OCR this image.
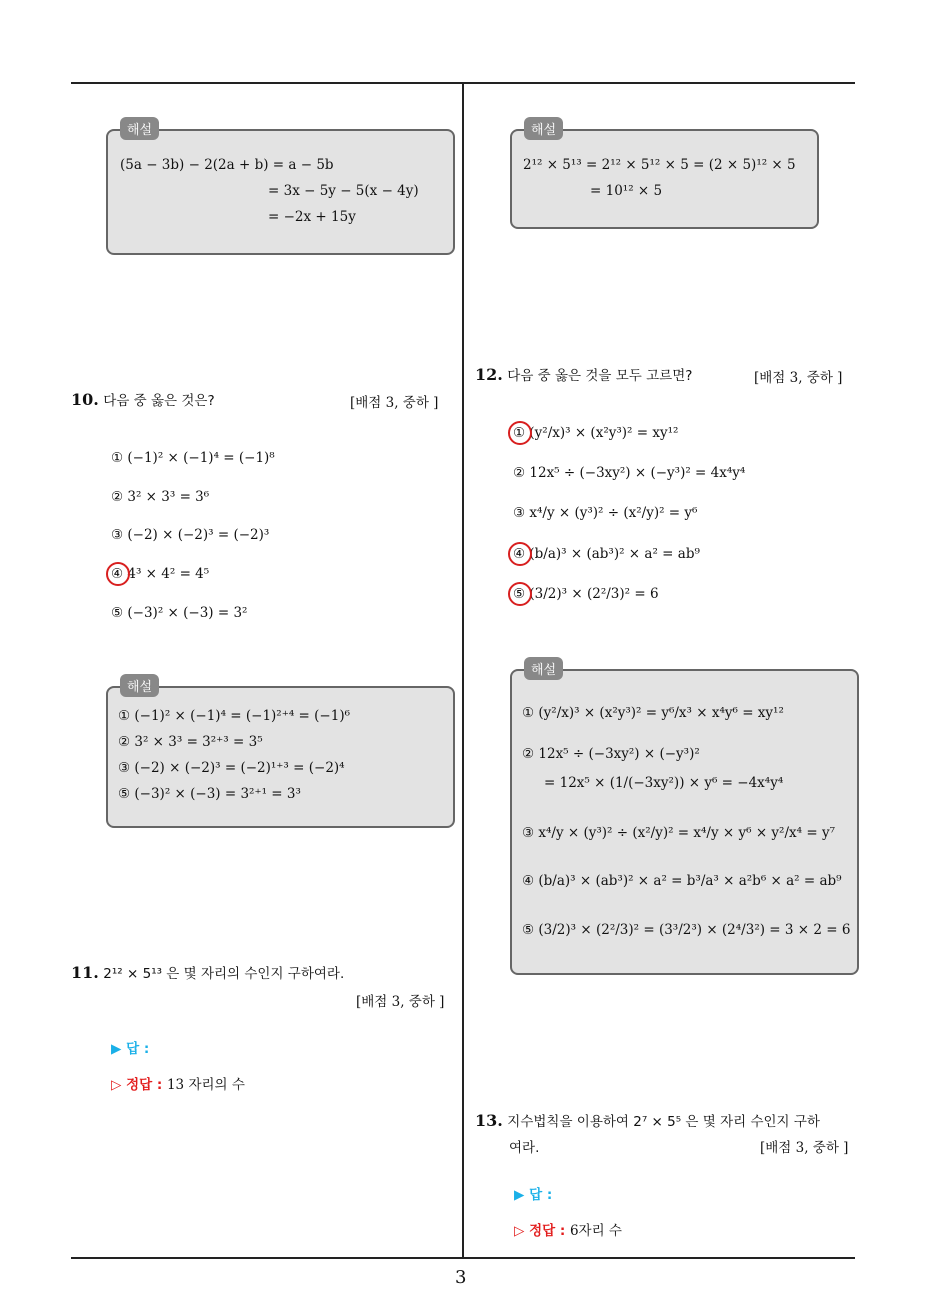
3
해설
(5a − 3b) − 2(2a + b) = a − 5b
= 3x − 5y − 5(x − 4y)
= −2x + 15y
10. 다음 중 옳은 것은?	[배점 3, 중하 ]
① (−1)² × (−1)⁴ = (−1)⁸
② 3² × 3³ = 3⁶
③ (−2) × (−2)³ = (−2)³
④ 4³ × 4² = 4⁵
⑤ (−3)² × (−3) = 3²
해설
① (−1)² × (−1)⁴ = (−1)²⁺⁴ = (−1)⁶
② 3² × 3³ = 3²⁺³ = 3⁵
③ (−2) × (−2)³ = (−2)¹⁺³ = (−2)⁴
⑤ (−3)² × (−3) = 3²⁺¹ = 3³
11. 2¹² × 5¹³ 은 몇 자리의 수인지 구하여라.
[배점 3, 중하 ]
▶ 답 :
▷ 정답 : 13 자리의 수
해설
2¹² × 5¹³ = 2¹² × 5¹² × 5 = (2 × 5)¹² × 5
= 10¹² × 5
12. 다음 중 옳은 것을 모두 고르면?	[배점 3, 중하 ]
① (y²/x)³ × (x²y³)² = xy¹²
② 12x⁵ ÷ (−3xy²) × (−y³)² = 4x⁴y⁴
③ x⁴/y × (y³)² ÷ (x²/y)² = y⁶
④ (b/a)³ × (ab³)² × a² = ab⁹
⑤ (3/2)³ × (2²/3)² = 6
해설
① (y²/x)³ × (x²y³)² = y⁶/x³ × x⁴y⁶ = xy¹²
② 12x⁵ ÷ (−3xy²) × (−y³)²
= 12x⁵ × (1/(−3xy²)) × y⁶ = −4x⁴y⁴
③ x⁴/y × (y³)² ÷ (x²/y)² = x⁴/y × y⁶ × y²/x⁴ = y⁷
④ (b/a)³ × (ab³)² × a² = b³/a³ × a²b⁶ × a² = ab⁹
⑤ (3/2)³ × (2²/3)² = (3³/2³) × (2⁴/3²) = 3 × 2 = 6
13. 지수법칙을 이용하여 2⁷ × 5⁵ 은 몇 자리 수인지 구하
여라.	[배점 3, 중하 ]
▶ 답 :
▷ 정답 : 6자리 수
